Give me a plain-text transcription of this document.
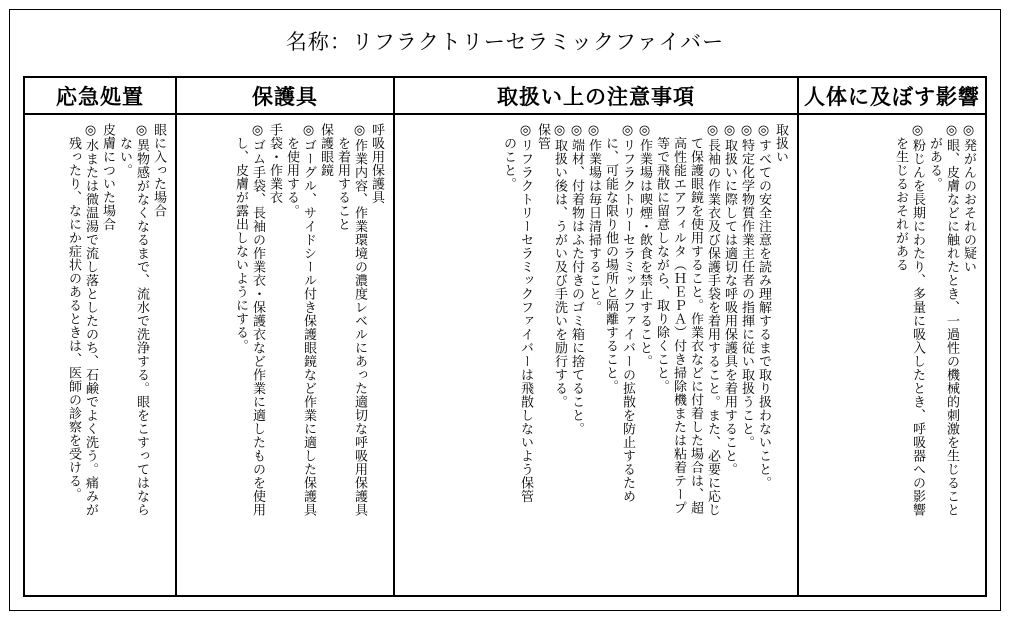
名称：リフラクトリーセラミックファイバー
応急処置
眼に入った場合
◎異物感がなくなるまで、流水で洗浄する。眼をこすってはなら
　ない。
皮膚についた場合
◎水または微温湯で流し落としたのち、石鹸でよく洗う。痛みが
　残ったり、なにか症状のあるときは、医師の診察を受ける。
保護具
呼吸用保護具
◎作業内容、作業環境の濃度レベルにあった適切な呼吸用保護具
　を着用すること
保護眼鏡
◎ゴーグル、サイドシール付き保護眼鏡など作業に適した保護具
　を使用する。
手袋・作業衣
◎ゴム手袋、長袖の作業衣・保護衣など作業に適したものを使用
　し、皮膚が露出しないようにする。
取扱い上の注意事項
取扱い
◎すべての安全注意を読み理解するまで取り扱わないこと。
◎特定化学物質作業主任者の指揮に従い取扱うこと。
◎取扱いに際しては適切な呼吸用保護具を着用すること。
◎長袖の作業衣及び保護手袋を着用すること。また、必要に応じ
　て保護眼鏡を使用すること。作業衣などに付着した場合は、超
　高性能エアフィルタ（ＨＥＰＡ）付き掃除機または粘着テープ
　等で飛散に留意しながら、取り除くこと。
◎作業場は喫煙・飲食を禁止すること。
◎リフラクトリーセラミックファイバーの拡散を防止するため
　に、可能な限り他の場所と隔離すること。
◎作業場は毎日清掃すること。
◎端材、付着物はふた付きのゴミ箱に捨てること。
◎取扱い後は、うがい及び手洗いを励行する。
保管
◎リフラクトリーセラミックファイバーは飛散しないよう保管
　のこと。
人体に及ぼす影響
◎発がんのおそれの疑い
◎眼、皮膚などに触れたとき、一過性の機械的刺激を生じること
　がある。
◎粉じんを長期にわたり、多量に吸入したとき、呼吸器への影響
　を生じるおそれがある
